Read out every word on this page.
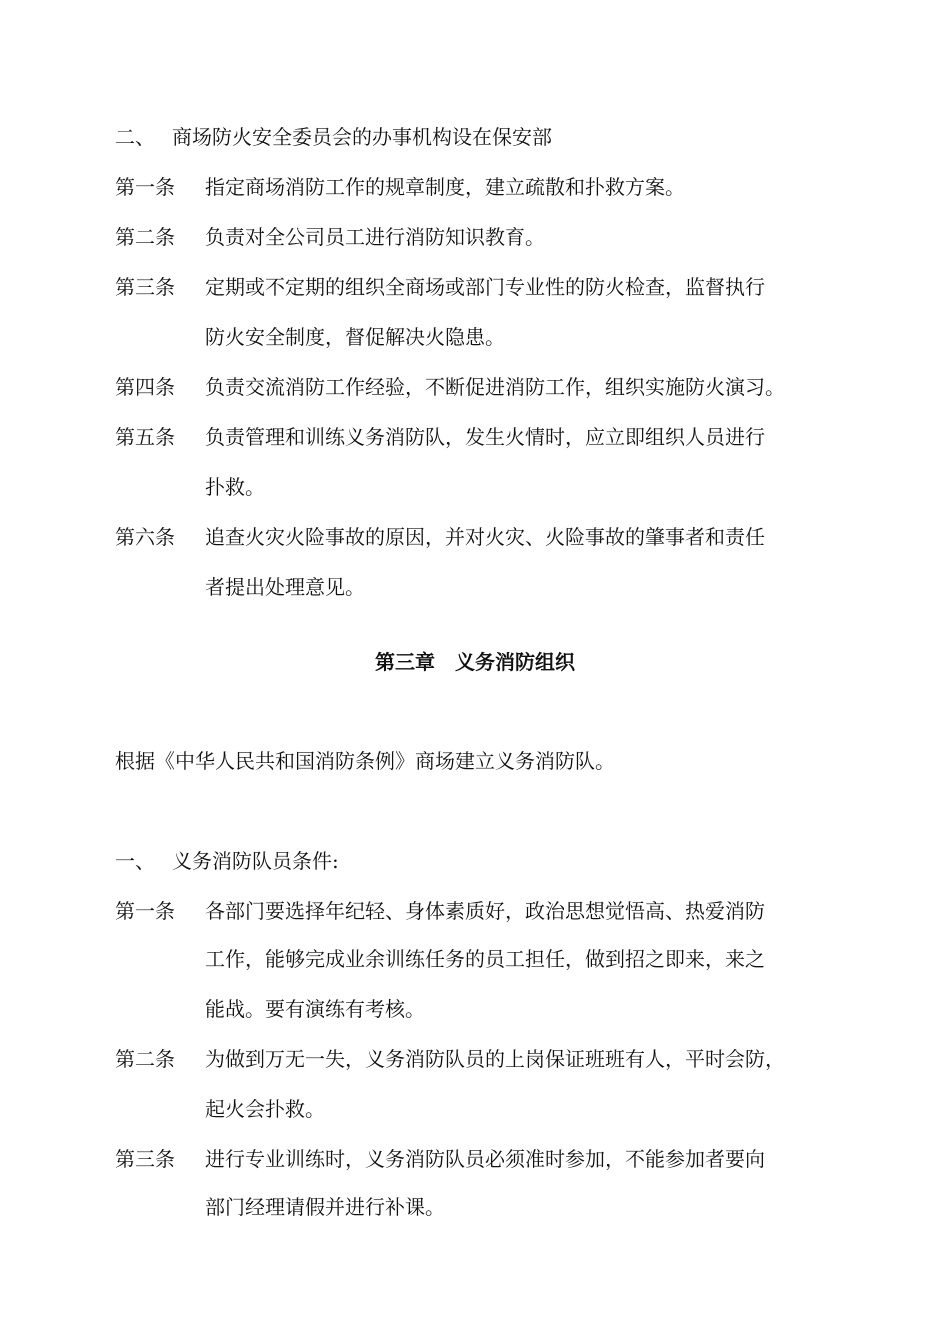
二、 商场防火安全委员会的办事机构设在保安部
第一条 指定商场消防工作的规章制度，建立疏散和扑救方案。
第二条 负责对全公司员工进行消防知识教育。
第三条 定期或不定期的组织全商场或部门专业性的防火检查，监督执行
防火安全制度，督促解决火隐患。
第四条 负责交流消防工作经验，不断促进消防工作，组织实施防火演习。
第五条 负责管理和训练义务消防队，发生火情时，应立即组织人员进行
扑救。
第六条 追查火灾火险事故的原因，并对火灾、火险事故的肇事者和责任
者提出处理意见。
第三章　义务消防组织
根据《中华人民共和国消防条例》商场建立义务消防队。
一、 义务消防队员条件:
第一条 各部门要选择年纪轻、身体素质好，政治思想觉悟高、热爱消防
工作，能够完成业余训练任务的员工担任，做到招之即来，来之
能战。要有演练有考核。
第二条 为做到万无一失，义务消防队员的上岗保证班班有人，平时会防，
起火会扑救。
第三条 进行专业训练时，义务消防队员必须准时参加，不能参加者要向
部门经理请假并进行补课。
